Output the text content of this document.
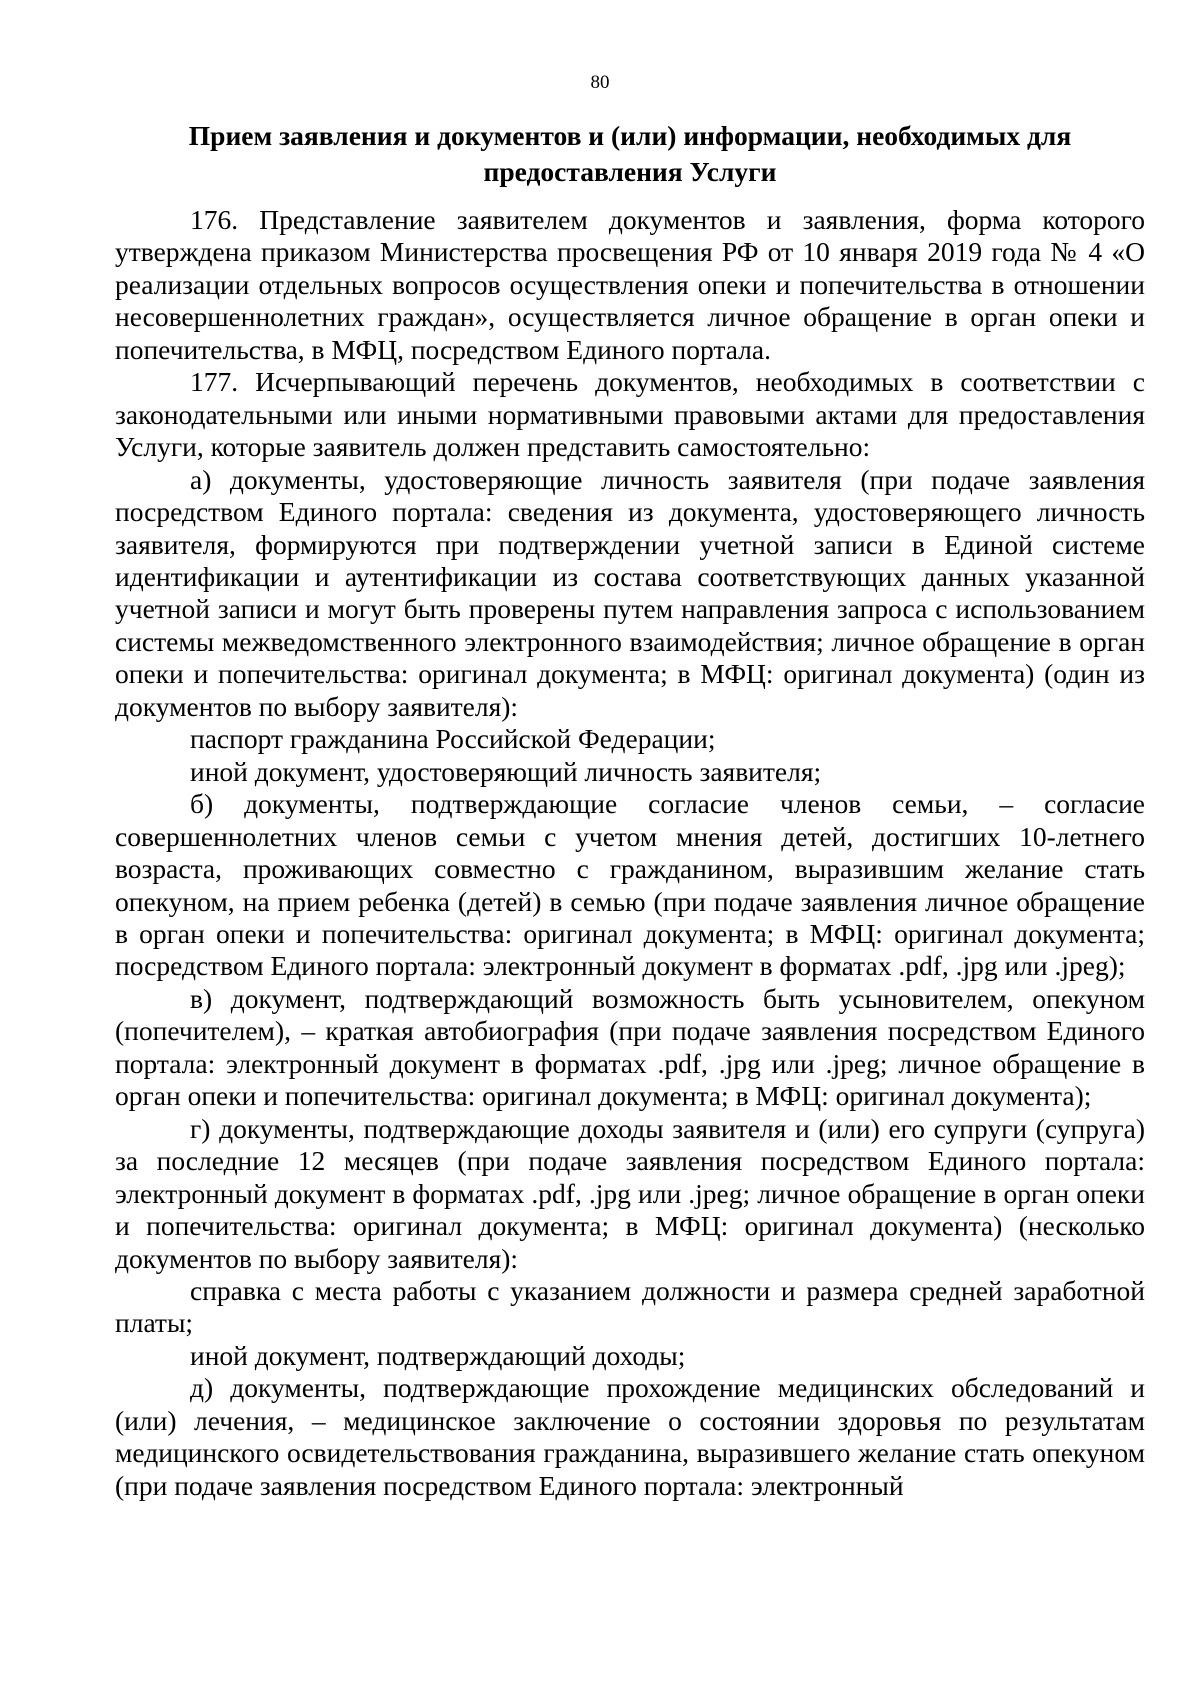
80
Прием заявления и документов и (или) информации, необходимых для предоставления Услуги

176. Представление заявителем документов и заявления, форма которого утверждена приказом Министерства просвещения РФ от 10 января 2019 года № 4 «О реализации отдельных вопросов осуществления опеки и попечительства в отношении несовершеннолетних граждан», осуществляется личное обращение в орган опеки и попечительства, в МФЦ, посредством Единого портала.

177. Исчерпывающий перечень документов, необходимых в соответствии с законодательными или иными нормативными правовыми актами для предоставления Услуги, которые заявитель должен представить самостоятельно:

а) документы, удостоверяющие личность заявителя (при подаче заявления посредством Единого портала: сведения из документа, удостоверяющего личность заявителя, формируются при подтверждении учетной записи в Единой системе идентификации и аутентификации из состава соответствующих данных указанной учетной записи и могут быть проверены путем направления запроса с использованием системы межведомственного электронного взаимодействия; личное обращение в орган опеки и попечительства: оригинал документа; в МФЦ: оригинал документа) (один из документов по выбору заявителя):

паспорт гражданина Российской Федерации;

иной документ, удостоверяющий личность заявителя;

б) документы, подтверждающие согласие членов семьи, – согласие совершеннолетних членов семьи с учетом мнения детей, достигших 10-летнего возраста, проживающих совместно с гражданином, выразившим желание стать опекуном, на прием ребенка (детей) в семью (при подаче заявления личное обращение в орган опеки и попечительства: оригинал документа; в МФЦ: оригинал документа; посредством Единого портала: электронный документ в форматах .pdf, .jpg или .jpeg);

в) документ, подтверждающий возможность быть усыновителем, опекуном (попечителем), – краткая автобиография (при подаче заявления посредством Единого портала: электронный документ в форматах .pdf, .jpg или .jpeg; личное обращение в орган опеки и попечительства: оригинал документа; в МФЦ: оригинал документа);

г) документы, подтверждающие доходы заявителя и (или) его супруги (супруга) за последние 12 месяцев (при подаче заявления посредством Единого портала: электронный документ в форматах .pdf, .jpg или .jpeg; личное обращение в орган опеки и попечительства: оригинал документа; в МФЦ: оригинал документа) (несколько документов по выбору заявителя):

справка с места работы с указанием должности и размера средней заработной платы;

иной документ, подтверждающий доходы;

д) документы, подтверждающие прохождение медицинских обследований и (или) лечения, – медицинское заключение о состоянии здоровья по результатам медицинского освидетельствования гражданина, выразившего желание стать опекуном (при подаче заявления посредством Единого портала: электронный
